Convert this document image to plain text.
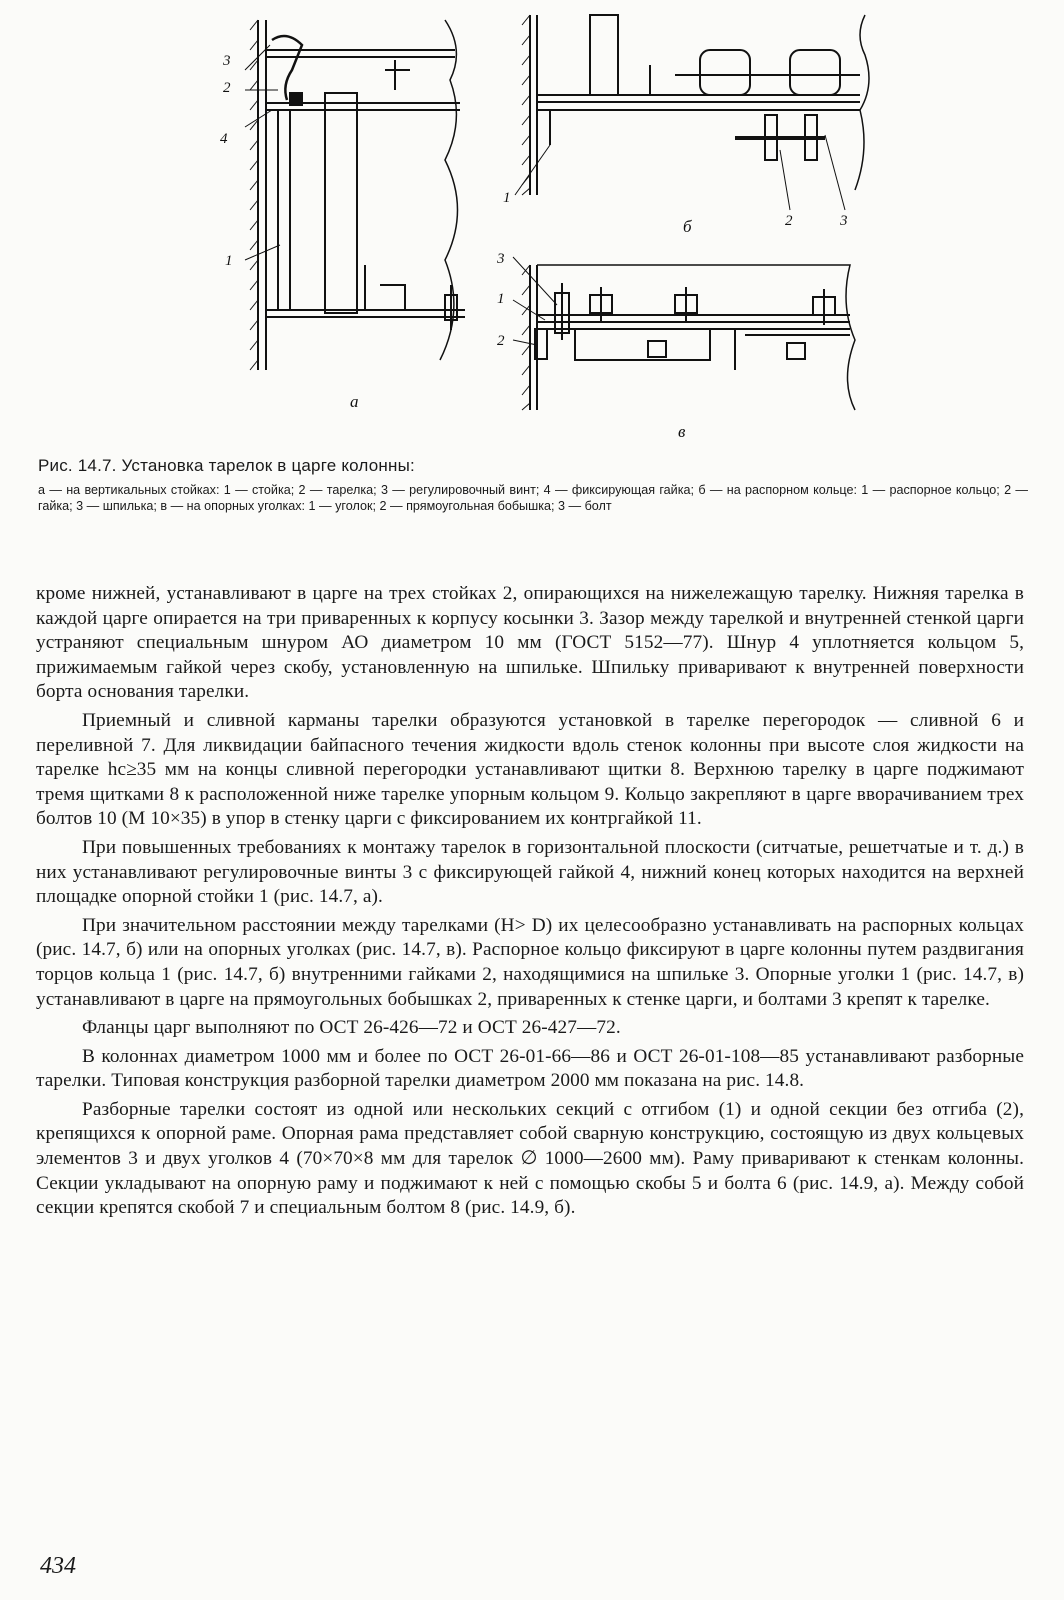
3
2
4
1
а
1
2	3
б
3
1
2
в

Рис. 14.7. Установка тарелок в царге колонны:

а — на вертикальных стойках: 1 — стойка; 2 — тарелка; 3 — регулировочный винт; 4 — фиксирующая гайка; б — на распорном кольце: 1 — распорное кольцо; 2 — гайка; 3 — шпилька; в — на опорных уголках: 1 — уголок; 2 — прямоугольная бобышка; 3 — болт

кроме нижней, устанавливают в царге на трех стойках 2, опирающихся на нижележащую тарелку. Нижняя тарелка в каждой царге опирается на три приваренных к корпусу косынки 3. Зазор между тарелкой и внутренней стенкой царги устраняют специальным шнуром АО диаметром 10 мм (ГОСТ 5152—77). Шнур 4 уплотняется кольцом 5, прижимаемым гайкой через скобу, установленную на шпильке. Шпильку приваривают к внутренней поверхности борта основания тарелки.

Приемный и сливной карманы тарелки образуются установкой в тарелке перегородок — сливной 6 и переливной 7. Для ликвидации байпасного течения жидкости вдоль стенок колонны при высоте слоя жидкости на тарелке hс≥35 мм на концы сливной перегородки устанавливают щитки 8. Верхнюю тарелку в царге поджимают тремя щитками 8 к расположенной ниже тарелке упорным кольцом 9. Кольцо закрепляют в царге вворачиванием трех болтов 10 (М 10×35) в упор в стенку царги с фиксированием их контргайкой 11.

При повышенных требованиях к монтажу тарелок в горизонтальной плоскости (ситчатые, решетчатые и т. д.) в них устанавливают регулировочные винты 3 с фиксирующей гайкой 4, нижний конец которых находится на верхней площадке опорной стойки 1 (рис. 14.7, а).

При значительном расстоянии между тарелками (H> D) их целесообразно устанавливать на распорных кольцах (рис. 14.7, б) или на опорных уголках (рис. 14.7, в). Распорное кольцо фиксируют в царге колонны путем раздвигания торцов кольца 1 (рис. 14.7, б) внутренними гайками 2, находящимися на шпильке 3. Опорные уголки 1 (рис. 14.7, в) устанавливают в царге на прямоугольных бобышках 2, приваренных к стенке царги, и болтами 3 крепят к тарелке.

Фланцы царг выполняют по ОСТ 26-426—72 и ОСТ 26-427—72.

В колоннах диаметром 1000 мм и более по ОСТ 26-01-66—86 и ОСТ 26-01-108—85 устанавливают разборные тарелки. Типовая конструкция разборной тарелки диаметром 2000 мм показана на рис. 14.8.

Разборные тарелки состоят из одной или нескольких секций с отгибом (1) и одной секции без отгиба (2), крепящихся к опорной раме. Опорная рама представляет собой сварную конструкцию, состоящую из двух кольцевых элементов 3 и двух уголков 4 (70×70×8 мм для тарелок ∅ 1000—2600 мм). Раму приваривают к стенкам колонны. Секции укладывают на опорную раму и поджимают к ней с помощью скобы 5 и болта 6 (рис. 14.9, а). Между собой секции крепятся скобой 7 и специальным болтом 8 (рис. 14.9, б).

434
